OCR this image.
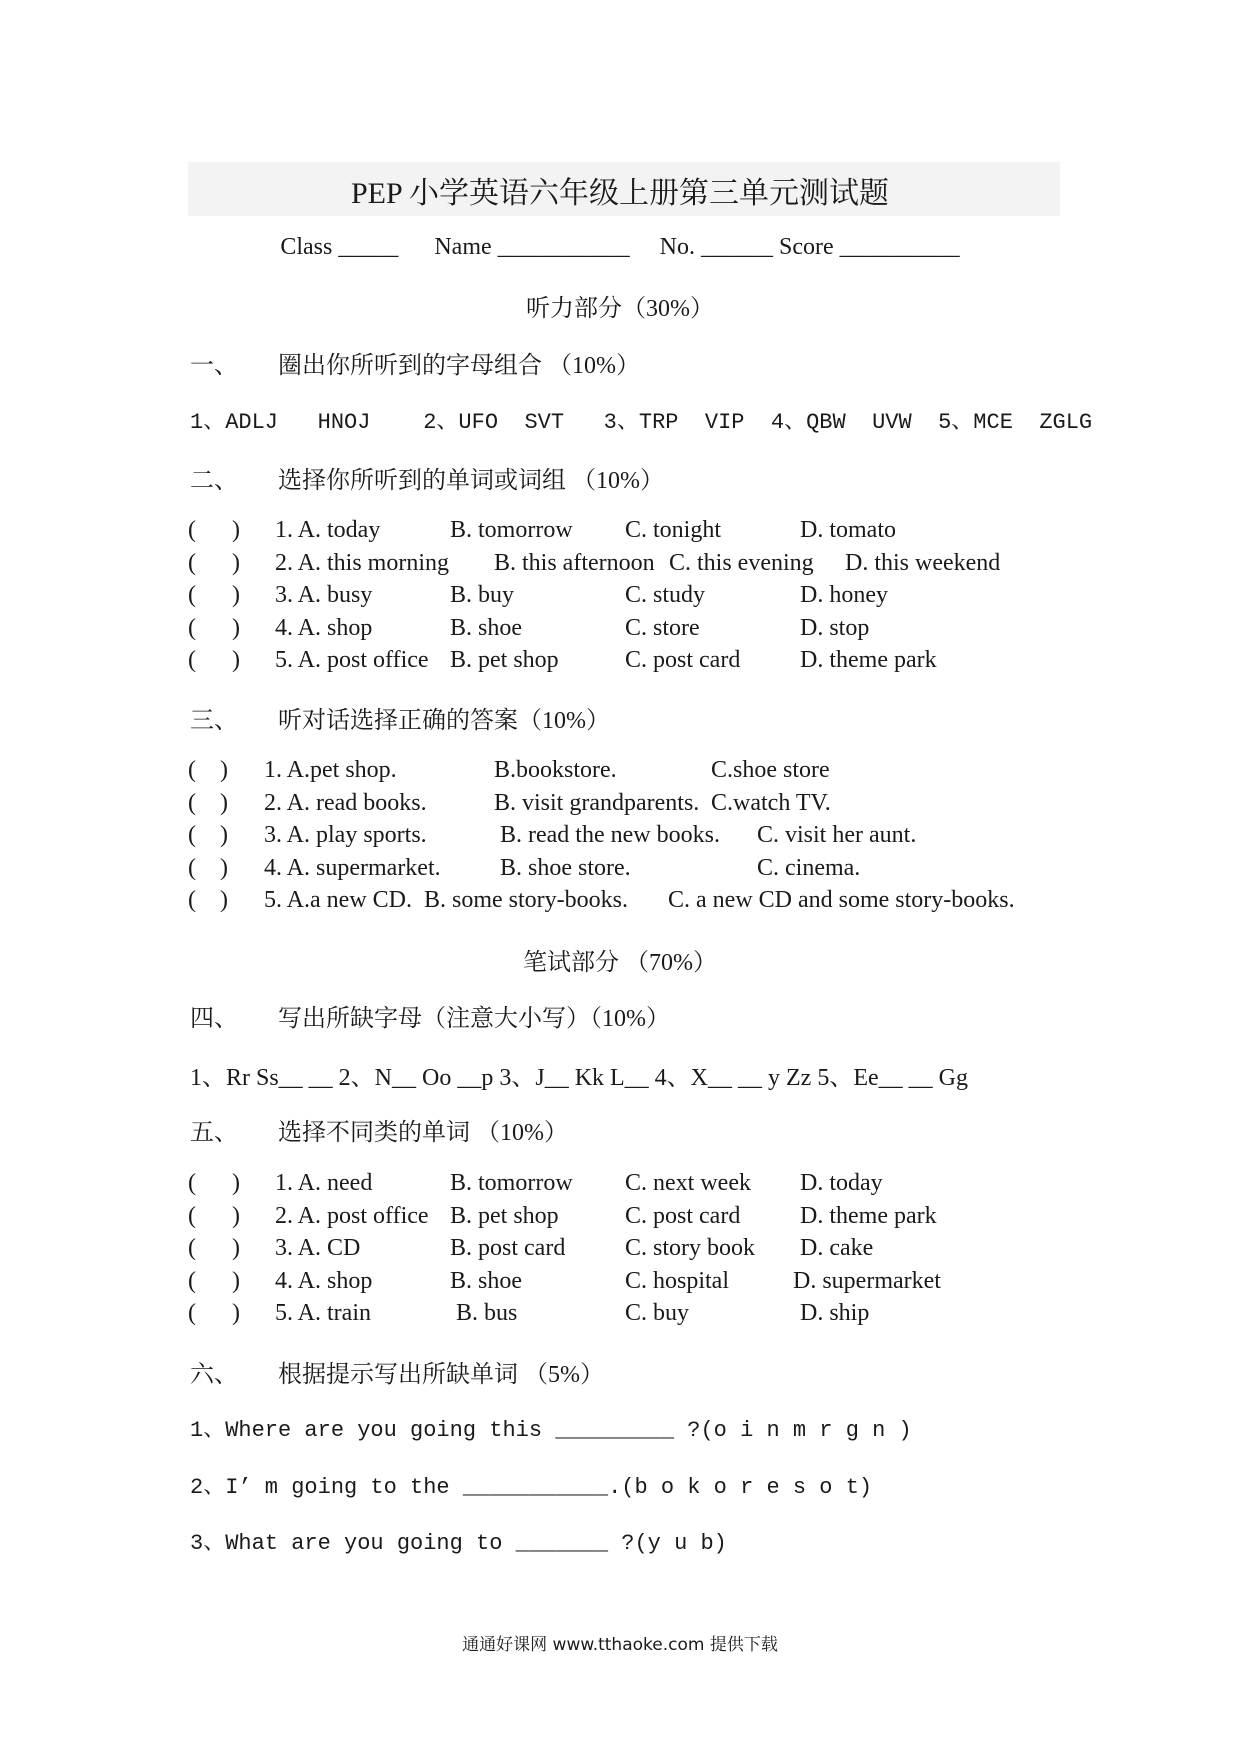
PEP 小学英语六年级上册第三单元测试题
Class _____      Name ___________     No. ______ Score __________
听力部分（30%）
一、 圈出你所听到的字母组合 （10%）
1、ADLJ   HNOJ    2、UFO  SVT   3、TRP  VIP  4、QBW  UVW  5、MCE  ZGLG
二、 选择你所听到的单词或词组 （10%）
(      ) 1. A. today	B. tomorrow C. tonight	D. tomato
(      ) 2. A. this morning B. this afternoon C. this evening D. this weekend
(      ) 3. A. busy	B. buy	C. study	D. honey
(      ) 4. A. shop	B. shoe	C. store	D. stop
(      ) 5. A. post office B. pet shop	C. post card D. theme park
三、 听对话选择正确的答案（10%）
(    ) 1. A.pet shop.	B.bookstore.	C.shoe store
(    ) 2. A. read books.	B. visit grandparents. C.watch TV.
(    ) 3. A. play sports.	B. read the new books. C. visit her aunt.
(    ) 4. A. supermarket. B. shoe store.	C. cinema.
(    ) 5. A.a new CD. B. some story-books. C. a new CD and some story-books.
笔试部分 （70%）
四、 写出所缺字母（注意大小写）（10%）
1、Rr Ss__ __ 2、N__ Oo __p 3、J__ Kk L__ 4、X__ __ y Zz 5、Ee__ __ Gg
五、 选择不同类的单词 （10%）
(      ) 1. A. need	B. tomorrow C. next week D. today
(      ) 2. A. post office B. pet shop	C. post card D. theme park
(      ) 3. A. CD	B. post card C. story book D. cake
(      ) 4. A. shop	B. shoe	C. hospital	D. supermarket
(      ) 5. A. train	B. bus	C. buy	D. ship
六、 根据提示写出所缺单词 （5%）
1、Where are you going this _________ ?(o i n m r g n )
2、I’ m going to the ___________.(b o k o r e s o t)
3、What are you going to _______ ?(y u b)
通通好课网 www.tthaoke.com 提供下载
